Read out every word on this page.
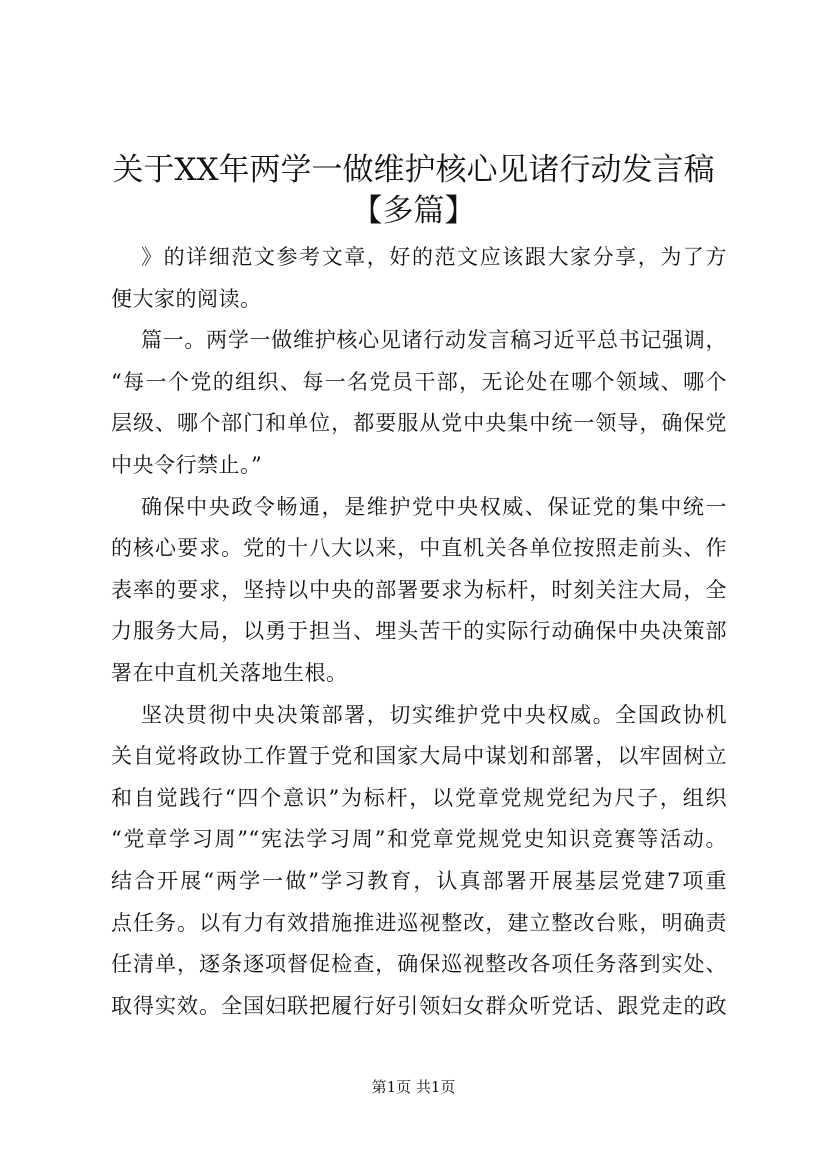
关于XX年两学一做维护核心见诸行动发言稿
【多篇】
》的详细范文参考文章，好的范文应该跟大家分享，为了方
便大家的阅读。
篇一。两学一做维护核心见诸行动发言稿习近平总书记强调，
“每一个党的组织、每一名党员干部，无论处在哪个领域、哪个
层级、哪个部门和单位，都要服从党中央集中统一领导，确保党
中央令行禁止。”
确保中央政令畅通，是维护党中央权威、保证党的集中统一
的核心要求。党的十八大以来，中直机关各单位按照走前头、作
表率的要求，坚持以中央的部署要求为标杆，时刻关注大局，全
力服务大局，以勇于担当、埋头苦干的实际行动确保中央决策部
署在中直机关落地生根。
坚决贯彻中央决策部署，切实维护党中央权威。全国政协机
关自觉将政协工作置于党和国家大局中谋划和部署，以牢固树立
和自觉践行“四个意识”为标杆，以党章党规党纪为尺子，组织
“党章学习周”“宪法学习周”和党章党规党史知识竞赛等活动。
结合开展“两学一做”学习教育，认真部署开展基层党建7项重
点任务。以有力有效措施推进巡视整改，建立整改台账，明确责
任清单，逐条逐项督促检查，确保巡视整改各项任务落到实处、
取得实效。全国妇联把履行好引领妇女群众听党话、跟党走的政
第1页 共1页
